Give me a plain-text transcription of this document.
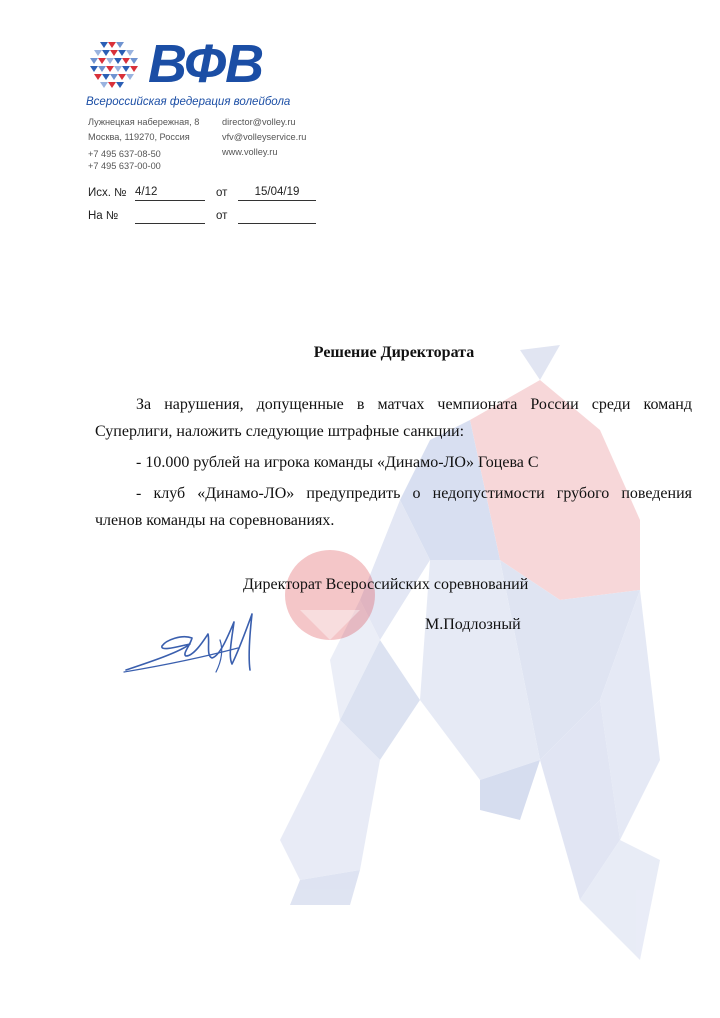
ВФВ
Всероссийская федерация волейбола
Лужнецкая набережная, 8
Москва, 119270, Россия
+7 495 637-08-50
+7 495 637-00-00
director@volley.ru
vfv@volleyservice.ru
www.volley.ru
Исх. № 4/12	от	15/04/19
На №	от
Решение Директората
За нарушения, допущенные в матчах чемпионата России среди команд
Суперлиги, наложить следующие штрафные санкции:
- 10.000 рублей на игрока команды «Динамо-ЛО» Гоцева С
- клуб «Динамо-ЛО» предупредить о недопустимости грубого поведения
членов команды на соревнованиях.
Директорат Всероссийских соревнований
М.Подлозный
